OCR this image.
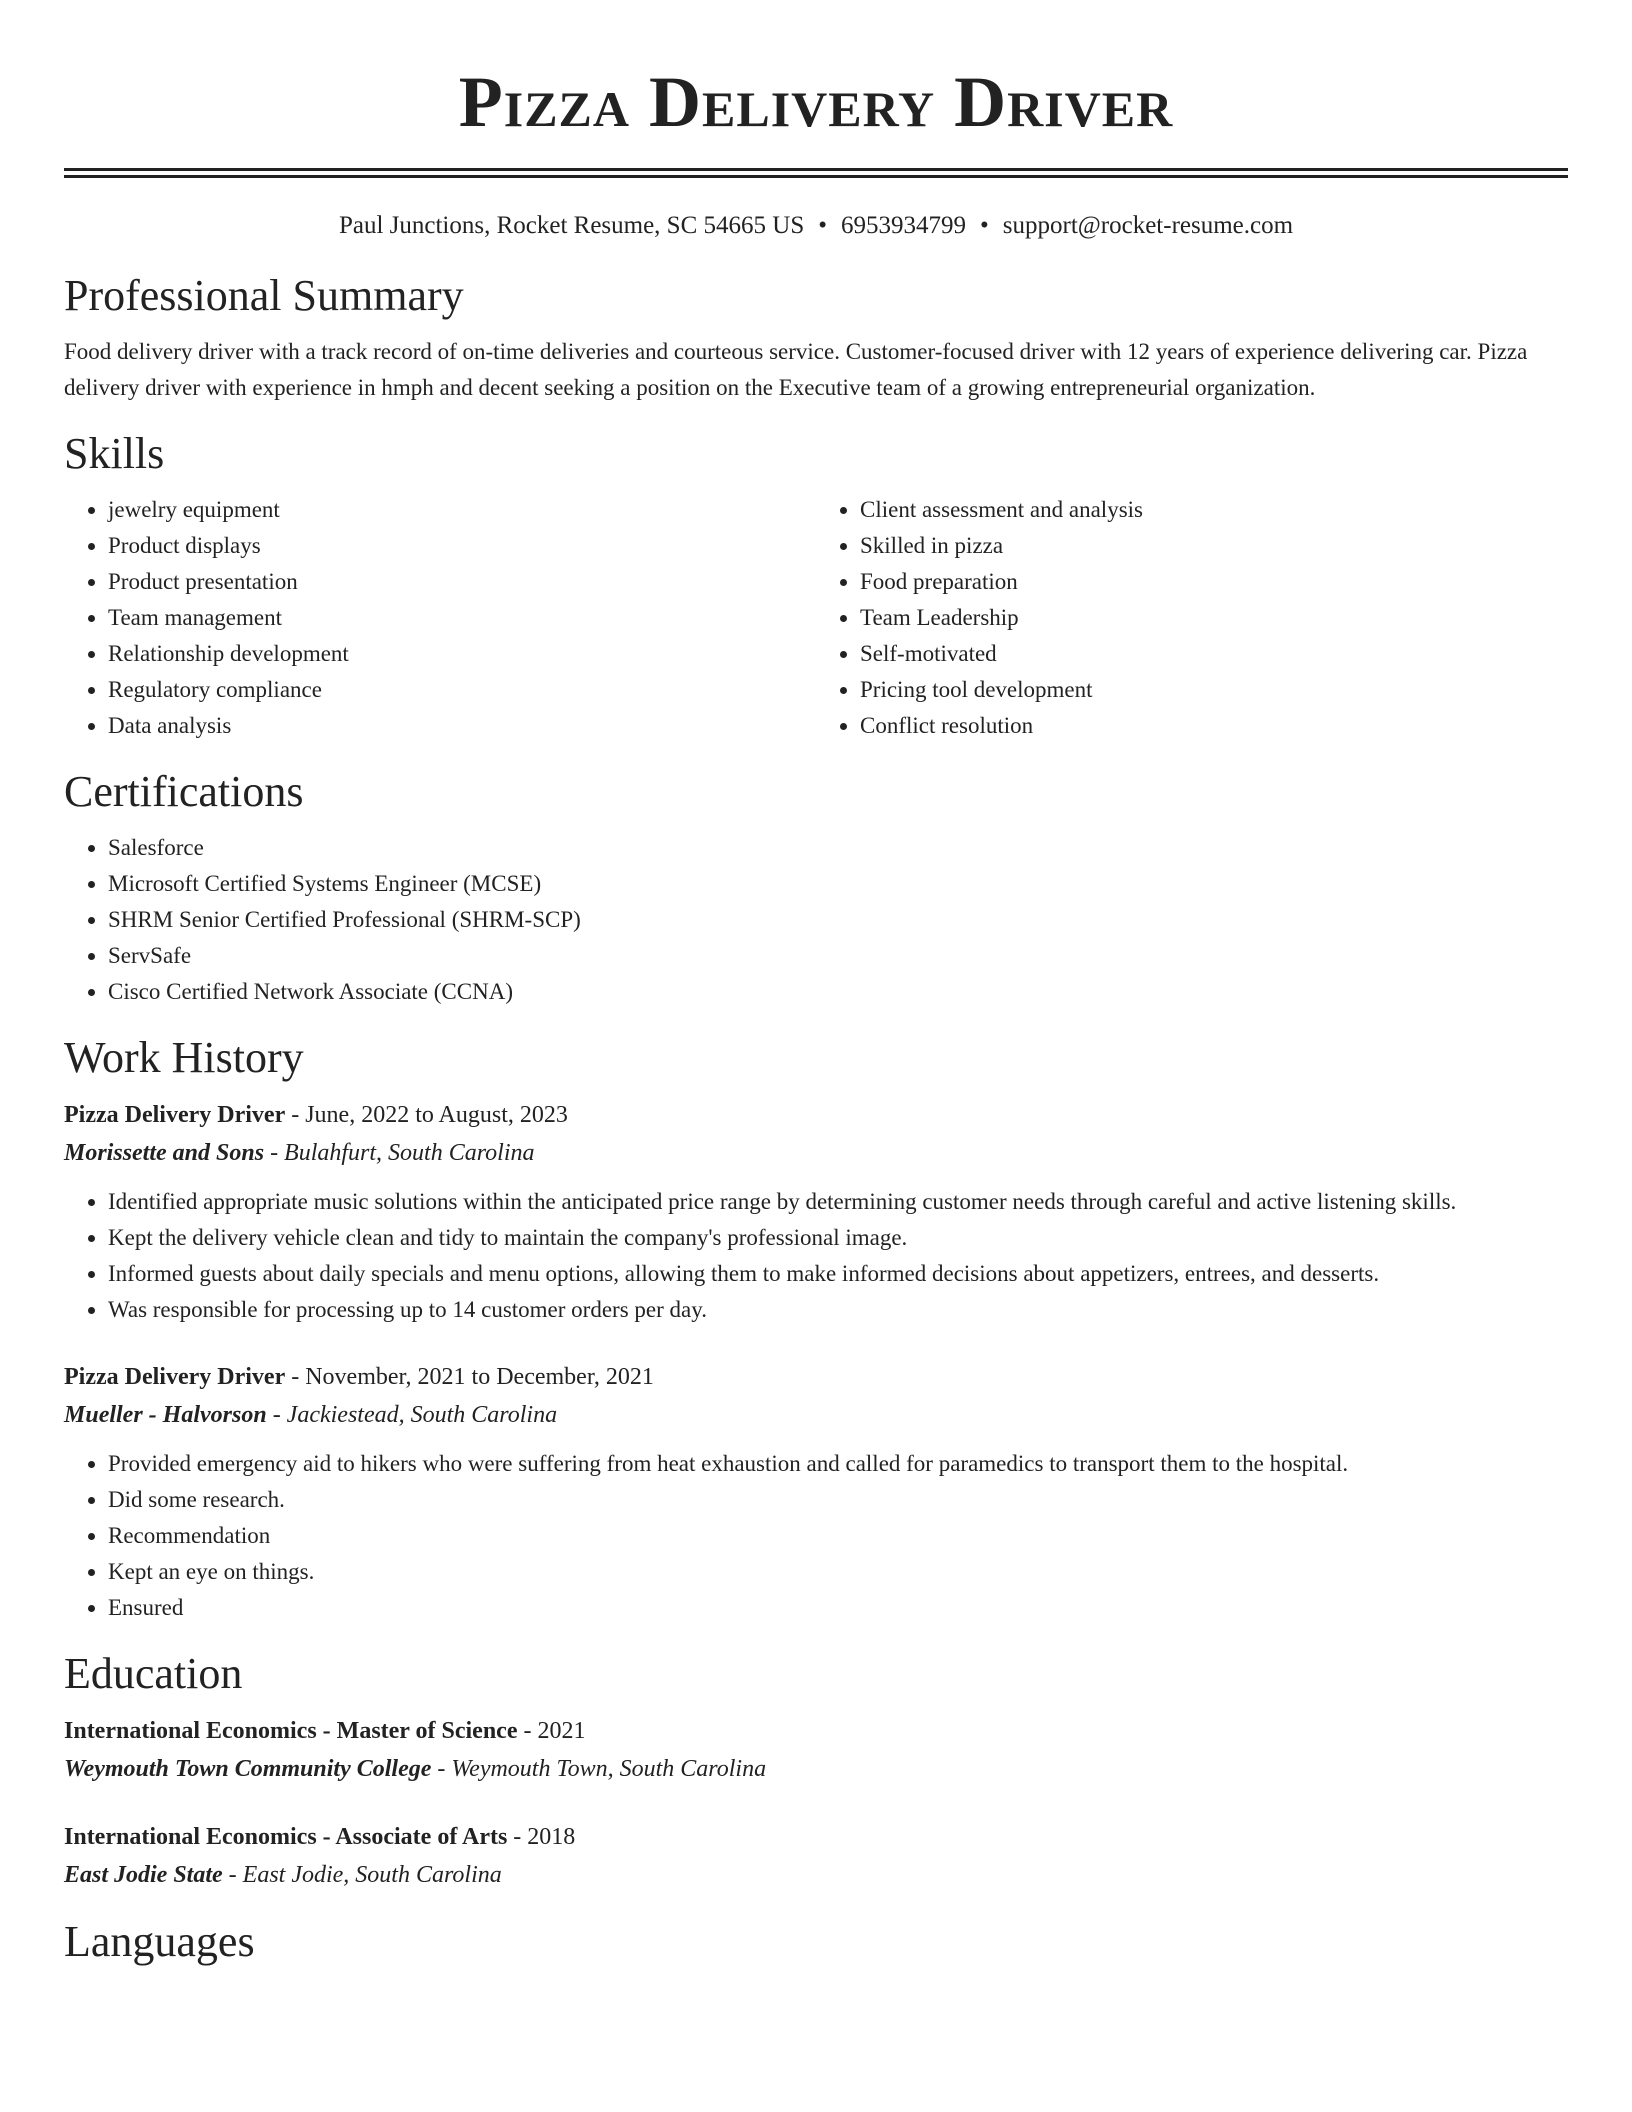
Pizza Delivery Driver
Paul Junctions, Rocket Resume, SC 54665 US • 6953934799 • support@rocket-resume.com
Professional Summary

Food delivery driver with a track record of on-time deliveries and courteous service. Customer-focused driver with 12 years of experience delivering car. Pizza delivery driver with experience in hmph and decent seeking a position on the Executive team of a growing entrepreneurial organization.

Skills
• jewelry equipment
• Product displays
• Product presentation
• Team management
• Relationship development
• Regulatory compliance
• Data analysis
• Client assessment and analysis
• Skilled in pizza
• Food preparation
• Team Leadership
• Self-motivated
• Pricing tool development
• Conflict resolution
Certifications
• Salesforce
• Microsoft Certified Systems Engineer (MCSE)
• SHRM Senior Certified Professional (SHRM-SCP)
• ServSafe
• Cisco Certified Network Associate (CCNA)
Work History
Pizza Delivery Driver - June, 2022 to August, 2023
Morissette and Sons - Bulahfurt, South Carolina
• Identified appropriate music solutions within the anticipated price range by determining customer needs through careful and active listening skills.
• Kept the delivery vehicle clean and tidy to maintain the company's professional image.
• Informed guests about daily specials and menu options, allowing them to make informed decisions about appetizers, entrees, and desserts.
• Was responsible for processing up to 14 customer orders per day.
Pizza Delivery Driver - November, 2021 to December, 2021
Mueller - Halvorson - Jackiestead, South Carolina
• Provided emergency aid to hikers who were suffering from heat exhaustion and called for paramedics to transport them to the hospital.
• Did some research.
• Recommendation
• Kept an eye on things.
• Ensured
Education
International Economics - Master of Science - 2021
Weymouth Town Community College - Weymouth Town, South Carolina
International Economics - Associate of Arts - 2018
East Jodie State - East Jodie, South Carolina
Languages
